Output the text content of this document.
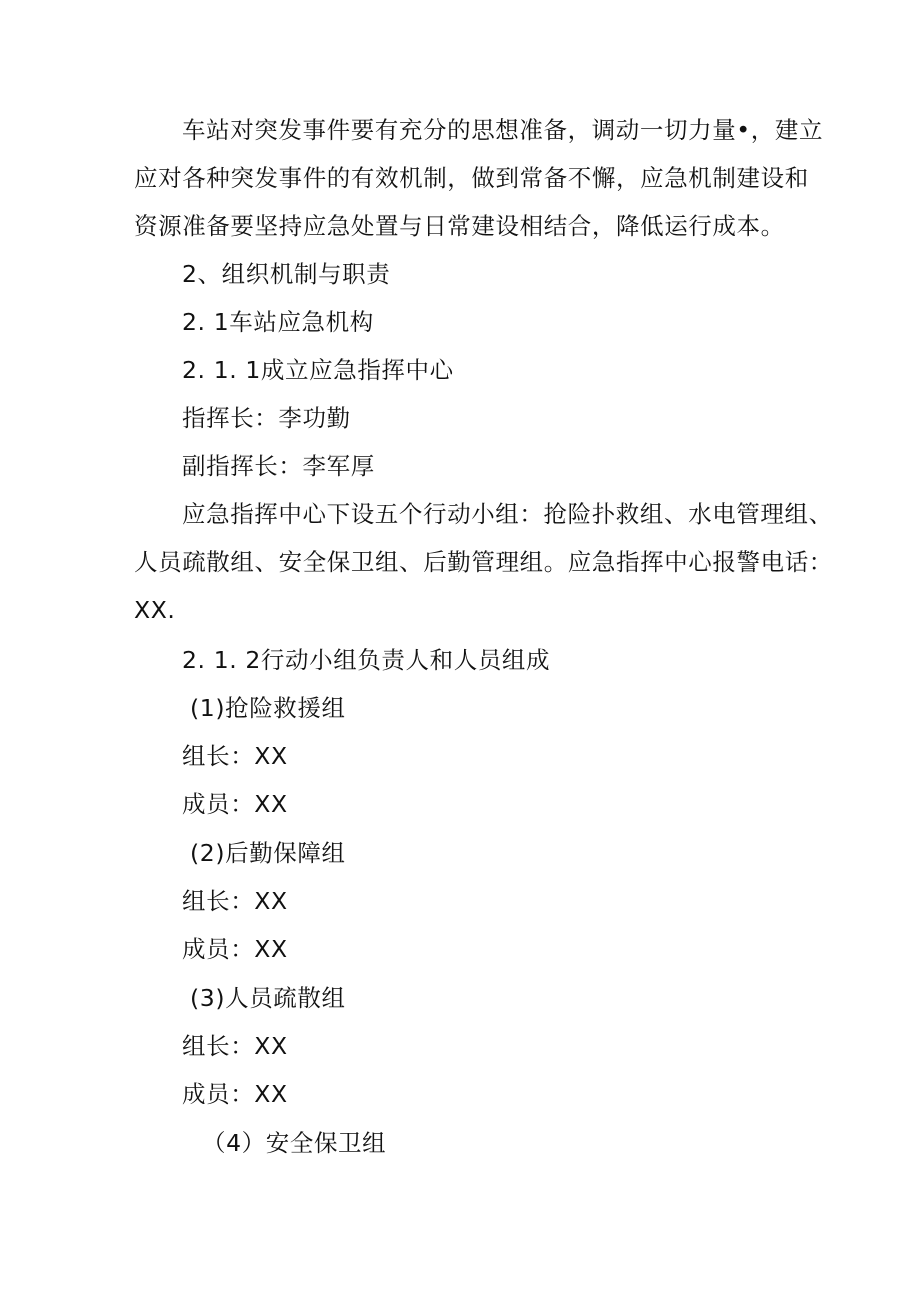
车站对突发事件要有充分的思想准备，调动一切力量•，建立
应对各种突发事件的有效机制，做到常备不懈，应急机制建设和
资源准备要坚持应急处置与日常建设相结合，降低运行成本。
2、组织机制与职责
2. 1车站应急机构
2. 1. 1成立应急指挥中心
指挥长：李功勤
副指挥长：李军厚
应急指挥中心下设五个行动小组：抢险扑救组、水电管理组、
人员疏散组、安全保卫组、后勤管理组。应急指挥中心报警电话：
XX.
2. 1. 2行动小组负责人和人员组成
(1)抢险救援组
组长：XX
成员：XX
(2)后勤保障组
组长：XX
成员：XX
(3)人员疏散组
组长：XX
成员：XX
（4）安全保卫组
